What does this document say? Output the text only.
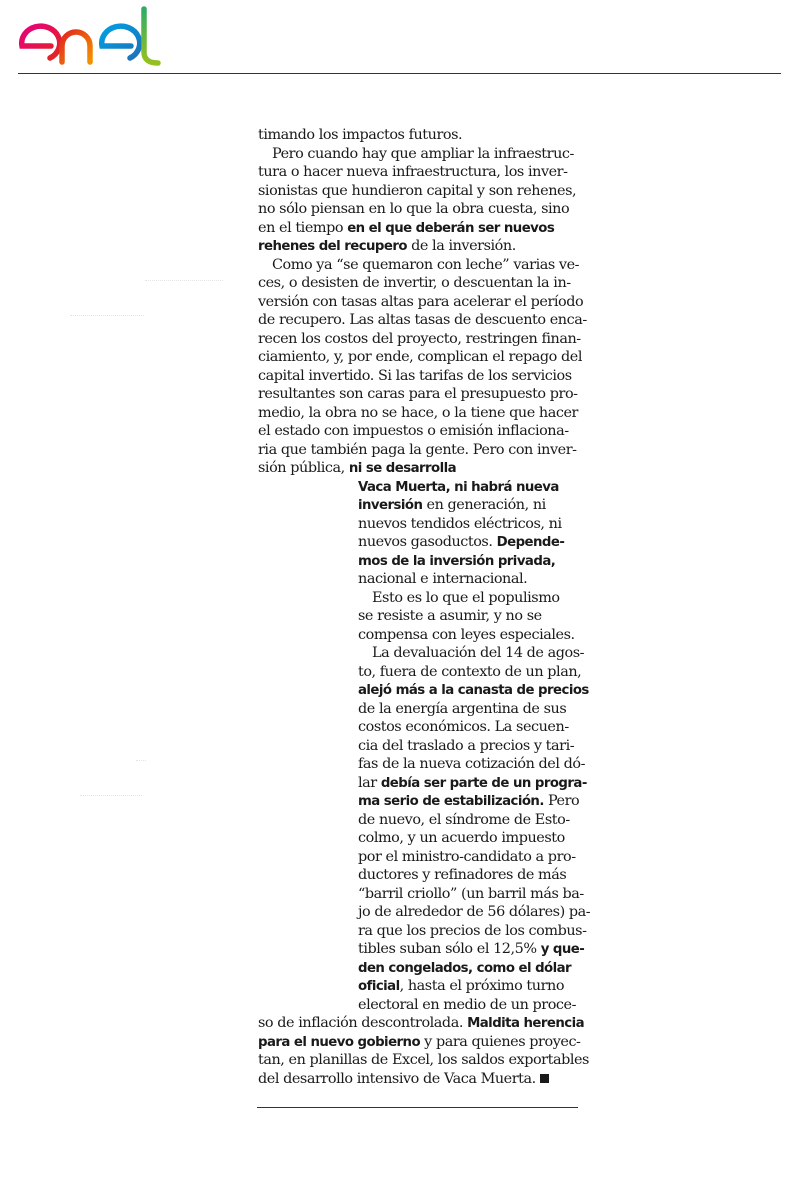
timando los impactos futuros.
Pero cuando hay que ampliar la infraestruc-
tura o hacer nueva infraestructura, los inver-
sionistas que hundieron capital y son rehenes,
no sólo piensan en lo que la obra cuesta, sino
en el tiempo en el que deberán ser nuevos
rehenes del recupero de la inversión.
Como ya “se quemaron con leche” varias ve-
ces, o desisten de invertir, o descuentan la in-
versión con tasas altas para acelerar el período
de recupero. Las altas tasas de descuento enca-
recen los costos del proyecto, restringen finan-
ciamiento, y, por ende, complican el repago del
capital invertido. Si las tarifas de los servicios
resultantes son caras para el presupuesto pro-
medio, la obra no se hace, o la tiene que hacer
el estado con impuestos o emisión inflaciona-
ria que también paga la gente. Pero con inver-
sión pública, ni se desarrolla
Vaca Muerta, ni habrá nueva
inversión en generación, ni
nuevos tendidos eléctricos, ni
nuevos gasoductos. Depende-
mos de la inversión privada,
nacional e internacional.
Esto es lo que el populismo
se resiste a asumir, y no se
compensa con leyes especiales.
La devaluación del 14 de agos-
to, fuera de contexto de un plan,
alejó más a la canasta de precios
de la energía argentina de sus
costos económicos. La secuen-
cia del traslado a precios y tari-
fas de la nueva cotización del dó-
lar debía ser parte de un progra-
ma serio de estabilización. Pero
de nuevo, el síndrome de Esto-
colmo, y un acuerdo impuesto
por el ministro-candidato a pro-
ductores y refinadores de más
“barril criollo” (un barril más ba-
jo de alrededor de 56 dólares) pa-
ra que los precios de los combus-
tibles suban sólo el 12,5% y que-
den congelados, como el dólar
oficial, hasta el próximo turno
electoral en medio de un proce-
so de inflación descontrolada. Maldita herencia
para el nuevo gobierno y para quienes proyec-
tan, en planillas de Excel, los saldos exportables
del desarrollo intensivo de Vaca Muerta.
